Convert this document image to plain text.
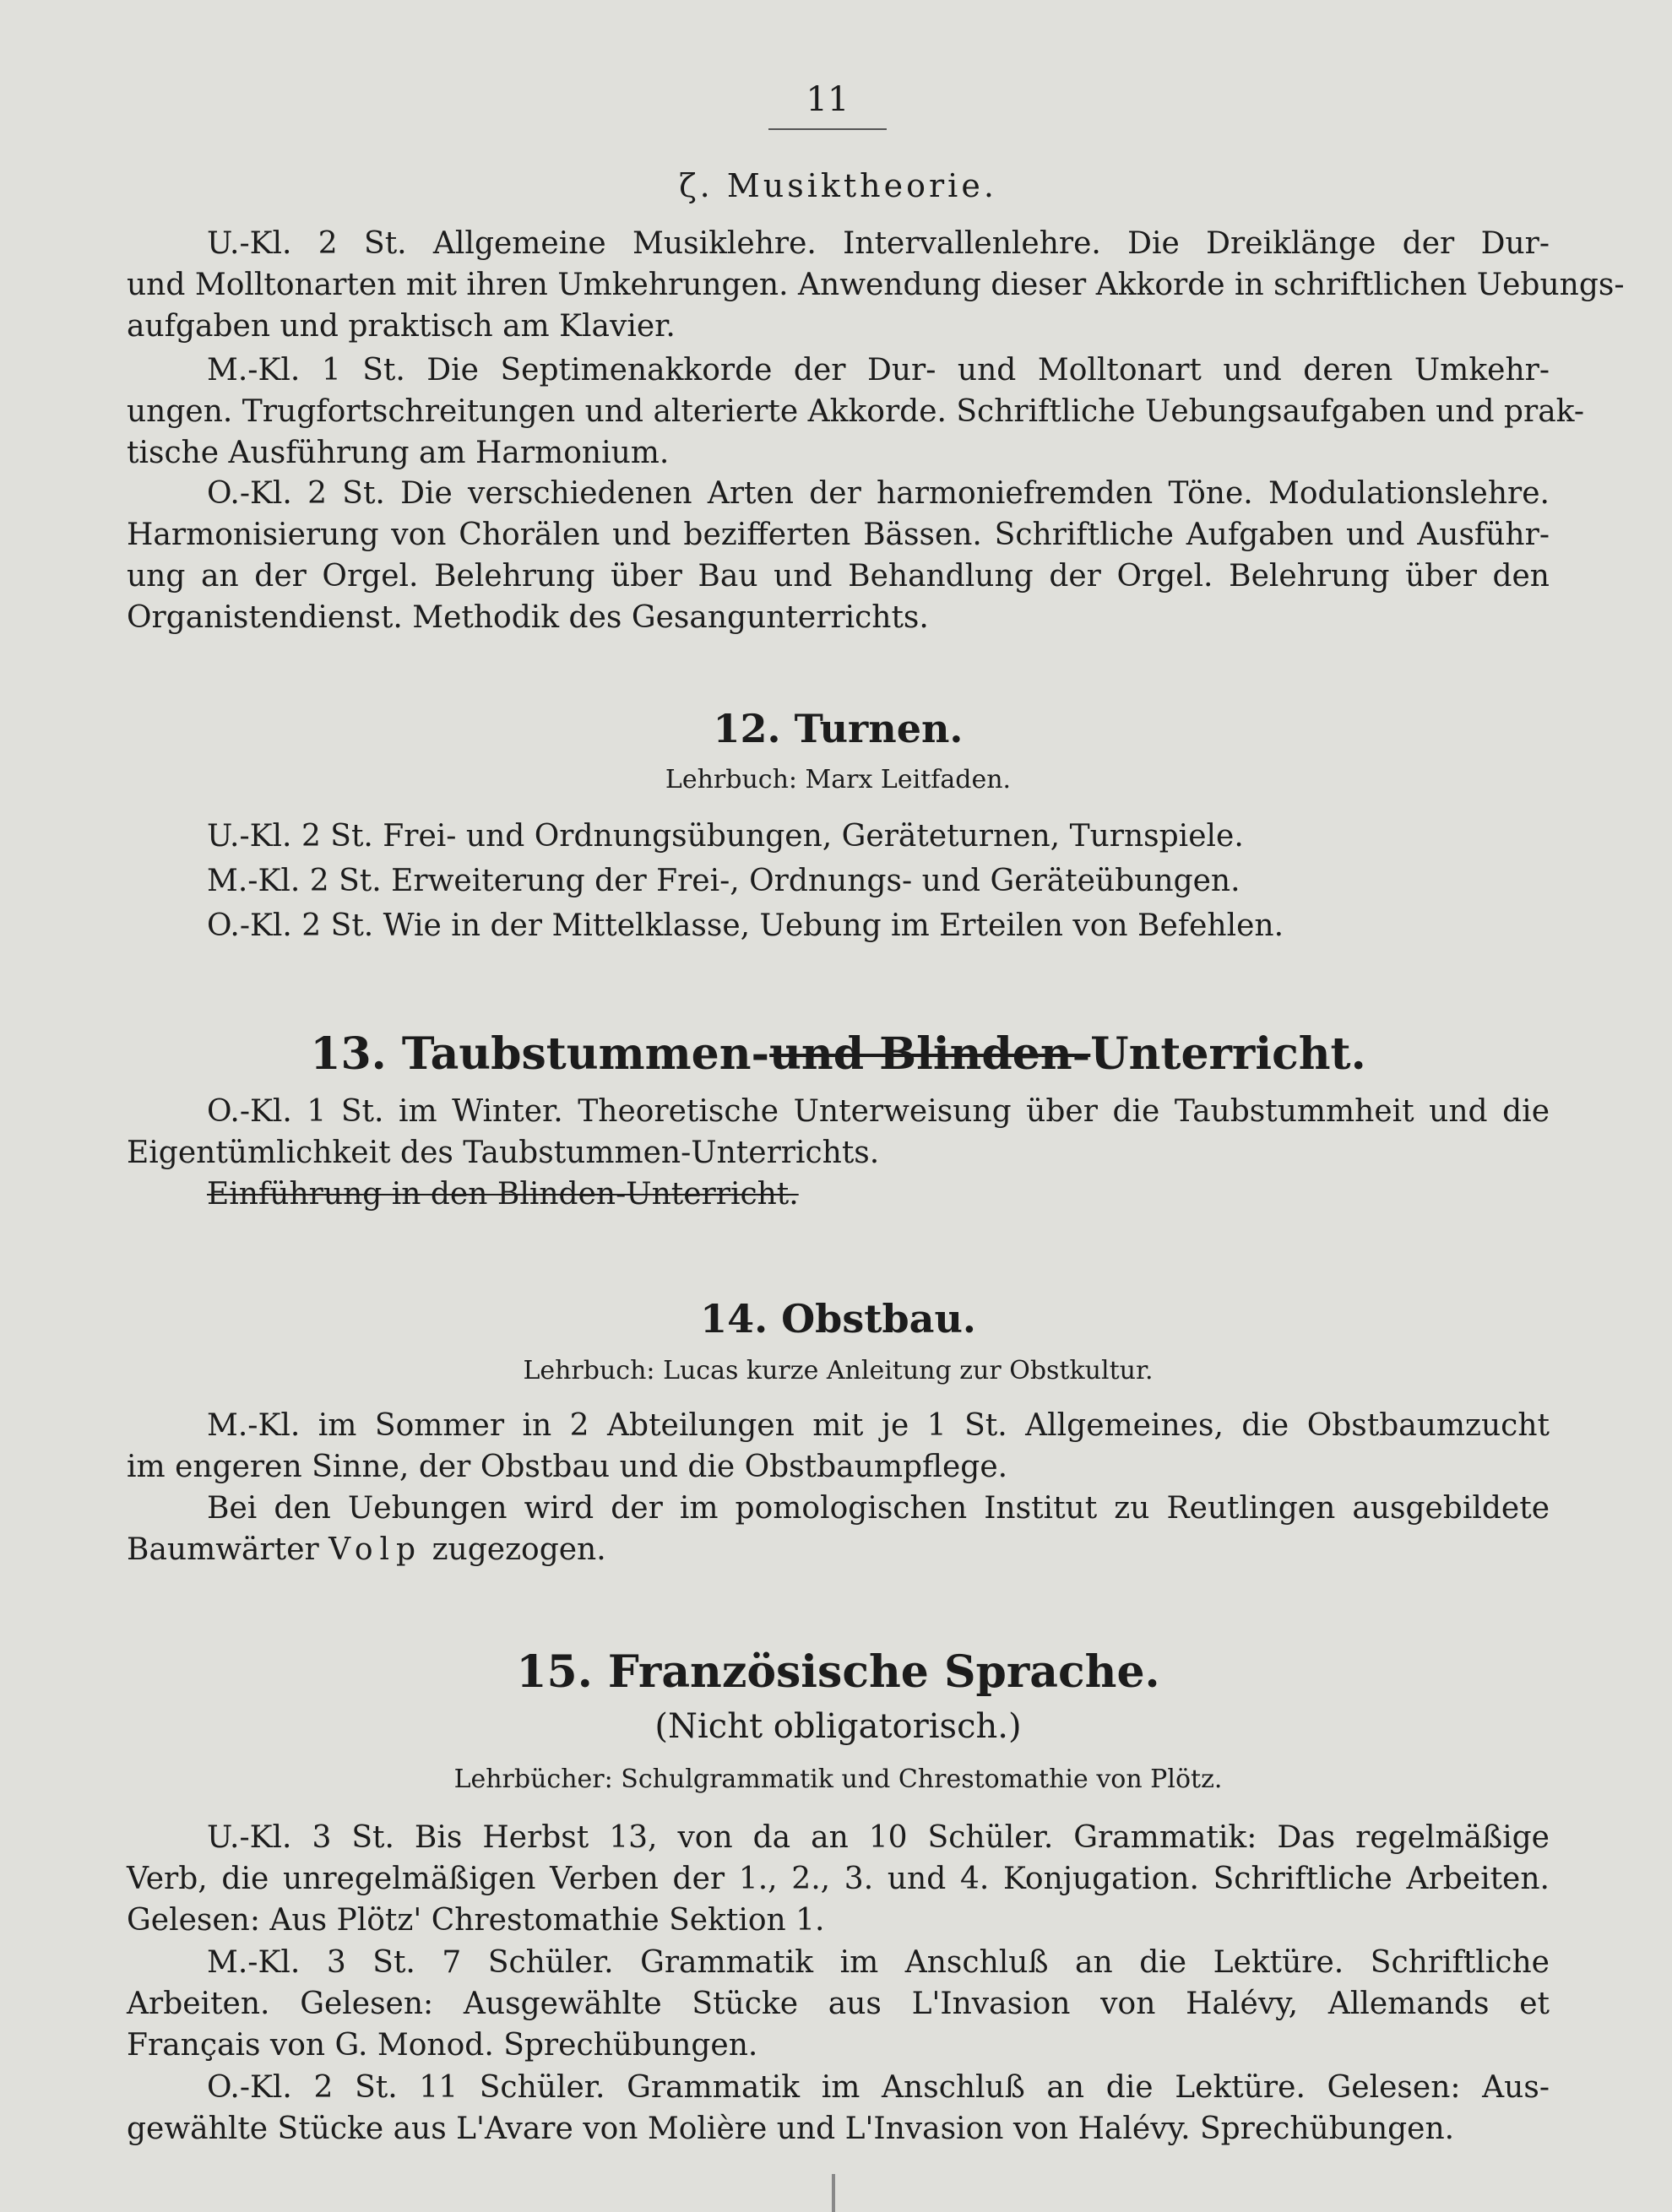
11
ζ. Musiktheorie.
U.-Kl. 2 St. Allgemeine Musiklehre. Intervallenlehre. Die Dreiklänge der Dur-
und Molltonarten mit ihren Umkehrungen. Anwendung dieser Akkorde in schriftlichen Uebungs-
aufgaben und praktisch am Klavier.
M.-Kl. 1 St. Die Septimenakkorde der Dur- und Molltonart und deren Umkehr-
ungen. Trugfortschreitungen und alterierte Akkorde. Schriftliche Uebungsaufgaben und prak-
tische Ausführung am Harmonium.
O.-Kl. 2 St. Die verschiedenen Arten der harmoniefremden Töne. Modulationslehre.
Harmonisierung von Chorälen und bezifferten Bässen. Schriftliche Aufgaben und Ausführ-
ung an der Orgel. Belehrung über Bau und Behandlung der Orgel. Belehrung über den
Organistendienst. Methodik des Gesangunterrichts.
12. Turnen.
Lehrbuch: Marx Leitfaden.
U.-Kl. 2 St. Frei- und Ordnungsübungen, Geräteturnen, Turnspiele.
M.-Kl. 2 St. Erweiterung der Frei-, Ordnungs- und Geräteübungen.
O.-Kl. 2 St. Wie in der Mittelklasse, Uebung im Erteilen von Befehlen.
13. Taubstummen-und Blinden-Unterricht.
O.-Kl. 1 St. im Winter. Theoretische Unterweisung über die Taubstummheit und die
Eigentümlichkeit des Taubstummen-Unterrichts.
Einführung in den Blinden-Unterricht.
14. Obstbau.
Lehrbuch: Lucas kurze Anleitung zur Obstkultur.
M.-Kl. im Sommer in 2 Abteilungen mit je 1 St. Allgemeines, die Obstbaumzucht
im engeren Sinne, der Obstbau und die Obstbaumpflege.
Bei den Uebungen wird der im pomologischen Institut zu Reutlingen ausgebildete
Baumwärter Volp zugezogen.
15. Französische Sprache.
(Nicht obligatorisch.)
Lehrbücher: Schulgrammatik und Chrestomathie von Plötz.
U.-Kl. 3 St. Bis Herbst 13, von da an 10 Schüler. Grammatik: Das regelmäßige
Verb, die unregelmäßigen Verben der 1., 2., 3. und 4. Konjugation. Schriftliche Arbeiten.
Gelesen: Aus Plötz' Chrestomathie Sektion 1.
M.-Kl. 3 St. 7 Schüler. Grammatik im Anschluß an die Lektüre. Schriftliche
Arbeiten. Gelesen: Ausgewählte Stücke aus L'Invasion von Halévy, Allemands et
Français von G. Monod. Sprechübungen.
O.-Kl. 2 St. 11 Schüler. Grammatik im Anschluß an die Lektüre. Gelesen: Aus-
gewählte Stücke aus L'Avare von Molière und L'Invasion von Halévy. Sprechübungen.
